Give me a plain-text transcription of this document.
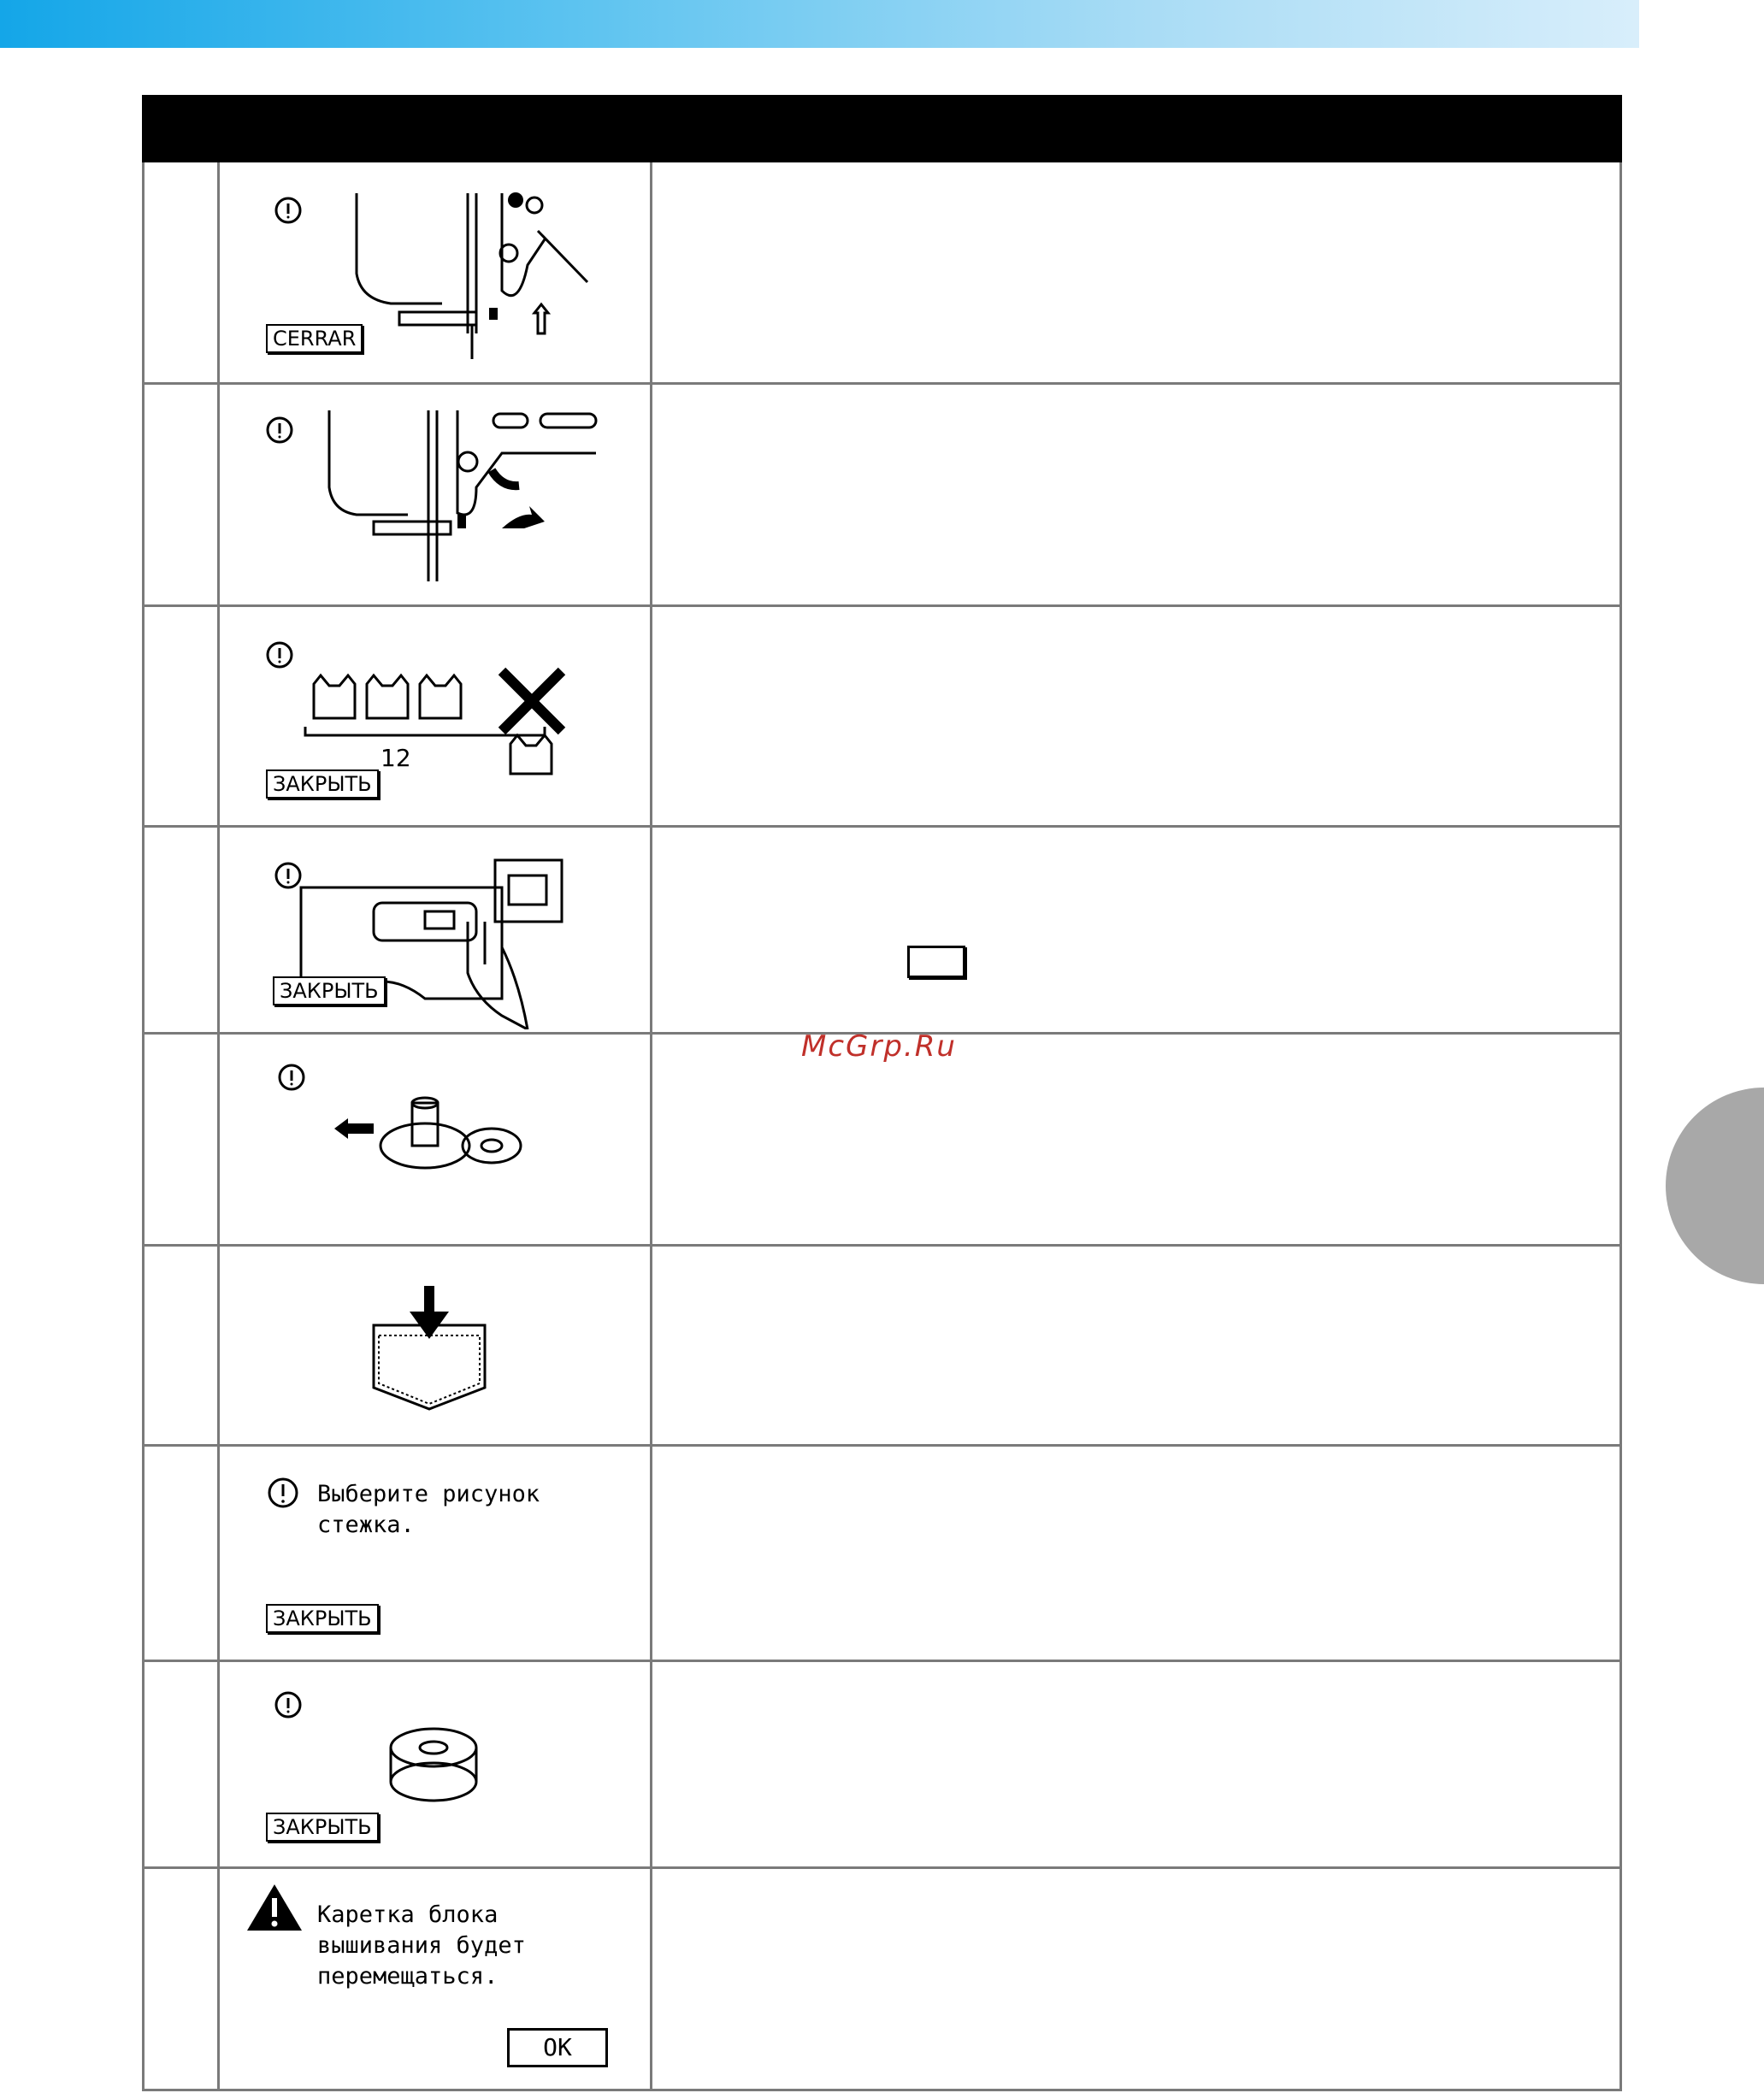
	CERRAR	

	12
ЗАКРЫТЬ	

	ЗАКРЫТЬ	

	Выберите рисунок
стежка.
ЗАКРЫТЬ	

	ЗАКРЫТЬ	

	Каретка блока
вышивания будет
перемещаться.
OK	

McGrp.Ru
